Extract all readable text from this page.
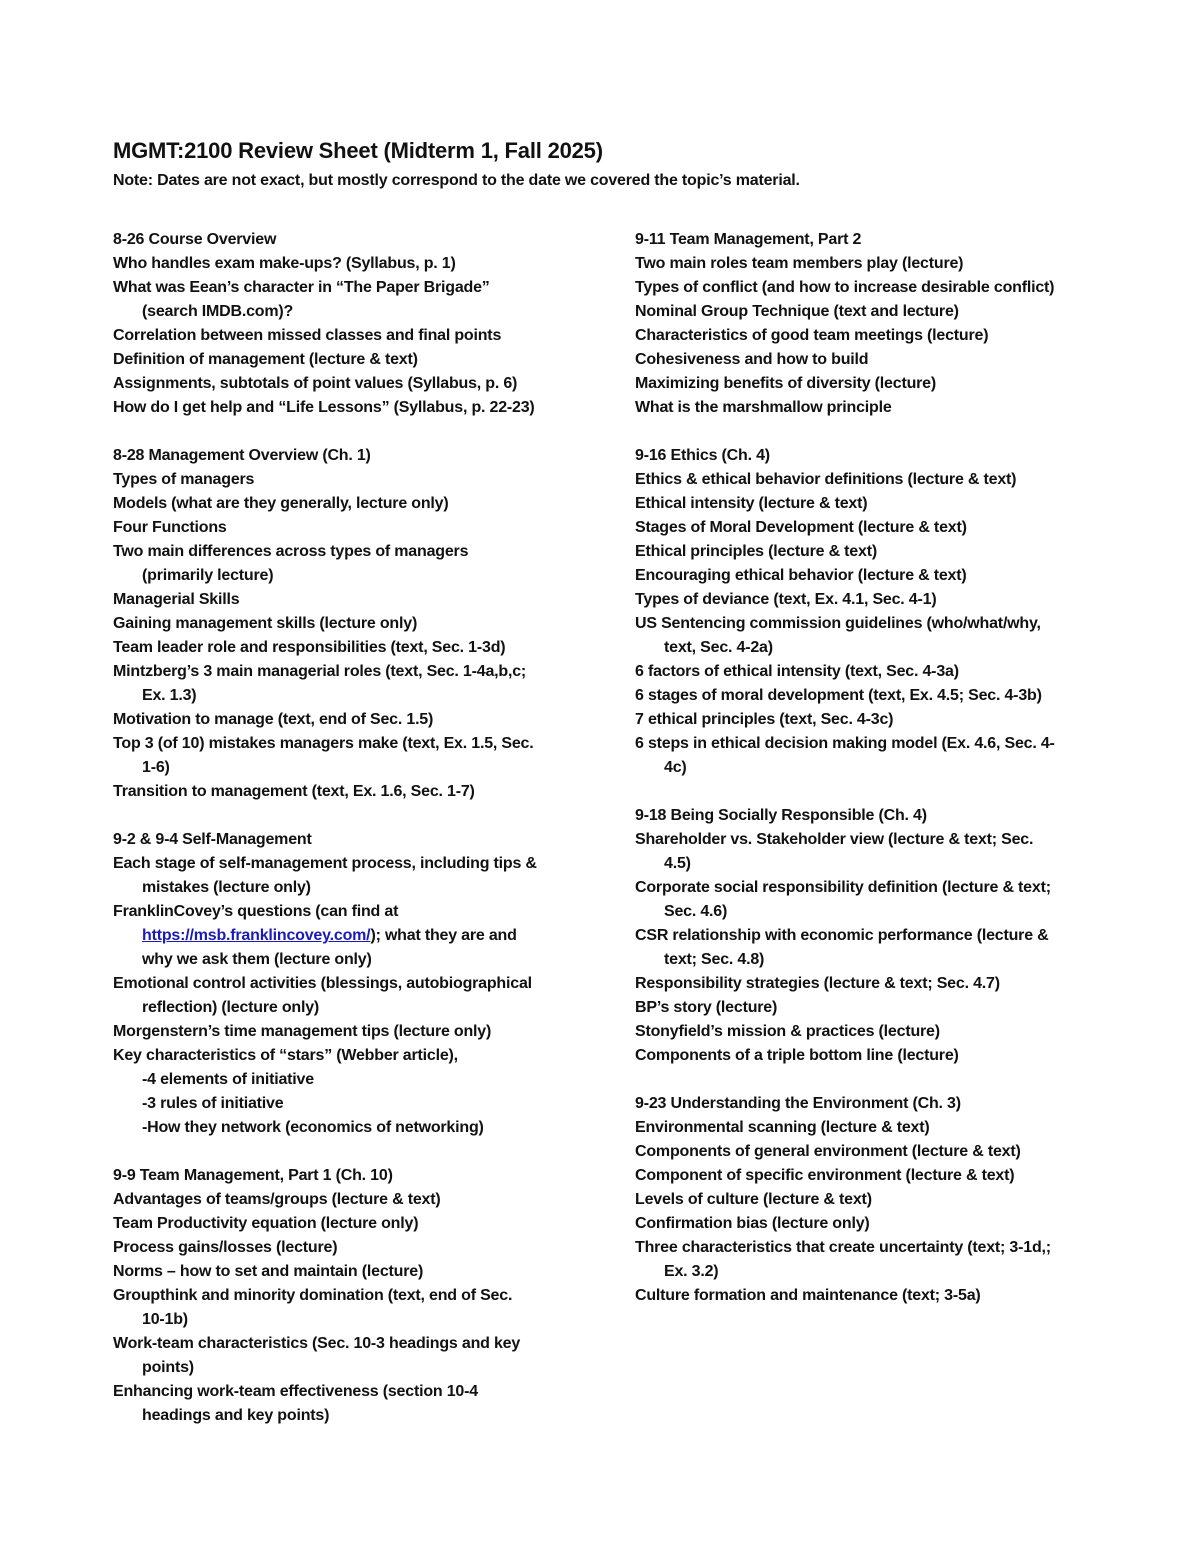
MGMT:2100 Review Sheet (Midterm 1, Fall 2025)
Note: Dates are not exact, but mostly correspond to the date we covered the topic’s material.
8-26 Course Overview
Who handles exam make-ups? (Syllabus, p. 1)
What was Eean’s character in “The Paper Brigade”
(search IMDB.com)?
Correlation between missed classes and final points
Definition of management (lecture & text)
Assignments, subtotals of point values (Syllabus, p. 6)
How do I get help and “Life Lessons” (Syllabus, p. 22-23)
8-28 Management Overview (Ch. 1)
Types of managers
Models (what are they generally, lecture only)
Four Functions
Two main differences across types of managers
(primarily lecture)
Managerial Skills
Gaining management skills (lecture only)
Team leader role and responsibilities (text, Sec. 1-3d)
Mintzberg’s 3 main managerial roles (text, Sec. 1-4a,b,c;
Ex. 1.3)
Motivation to manage (text, end of Sec. 1.5)
Top 3 (of 10) mistakes managers make (text, Ex. 1.5, Sec.
1-6)
Transition to management (text, Ex. 1.6, Sec. 1-7)
9-2 & 9-4 Self-Management
Each stage of self-management process, including tips &
mistakes (lecture only)
FranklinCovey’s questions (can find at
https://msb.franklincovey.com/); what they are and
why we ask them (lecture only)
Emotional control activities (blessings, autobiographical
reflection) (lecture only)
Morgenstern’s time management tips (lecture only)
Key characteristics of “stars” (Webber article),
-4 elements of initiative
-3 rules of initiative
-How they network (economics of networking)
9-9 Team Management, Part 1 (Ch. 10)
Advantages of teams/groups (lecture & text)
Team Productivity equation (lecture only)
Process gains/losses (lecture)
Norms – how to set and maintain (lecture)
Groupthink and minority domination (text, end of Sec.
10-1b)
Work-team characteristics (Sec. 10-3 headings and key
points)
Enhancing work-team effectiveness (section 10-4
headings and key points)
9-11 Team Management, Part 2
Two main roles team members play (lecture)
Types of conflict (and how to increase desirable conflict)
Nominal Group Technique (text and lecture)
Characteristics of good team meetings (lecture)
Cohesiveness and how to build
Maximizing benefits of diversity (lecture)
What is the marshmallow principle
9-16 Ethics (Ch. 4)
Ethics & ethical behavior definitions (lecture & text)
Ethical intensity (lecture & text)
Stages of Moral Development (lecture & text)
Ethical principles (lecture & text)
Encouraging ethical behavior (lecture & text)
Types of deviance (text, Ex. 4.1, Sec. 4-1)
US Sentencing commission guidelines (who/what/why,
text, Sec. 4-2a)
6 factors of ethical intensity (text, Sec. 4-3a)
6 stages of moral development (text, Ex. 4.5; Sec. 4-3b)
7 ethical principles (text, Sec. 4-3c)
6 steps in ethical decision making model (Ex. 4.6, Sec. 4-
4c)
9-18 Being Socially Responsible (Ch. 4)
Shareholder vs. Stakeholder view (lecture & text; Sec.
4.5)
Corporate social responsibility definition (lecture & text;
Sec. 4.6)
CSR relationship with economic performance (lecture &
text; Sec. 4.8)
Responsibility strategies (lecture & text; Sec. 4.7)
BP’s story (lecture)
Stonyfield’s mission & practices (lecture)
Components of a triple bottom line (lecture)
9-23 Understanding the Environment (Ch. 3)
Environmental scanning (lecture & text)
Components of general environment (lecture & text)
Component of specific environment (lecture & text)
Levels of culture (lecture & text)
Confirmation bias (lecture only)
Three characteristics that create uncertainty (text; 3-1d,;
Ex. 3.2)
Culture formation and maintenance (text; 3-5a)
